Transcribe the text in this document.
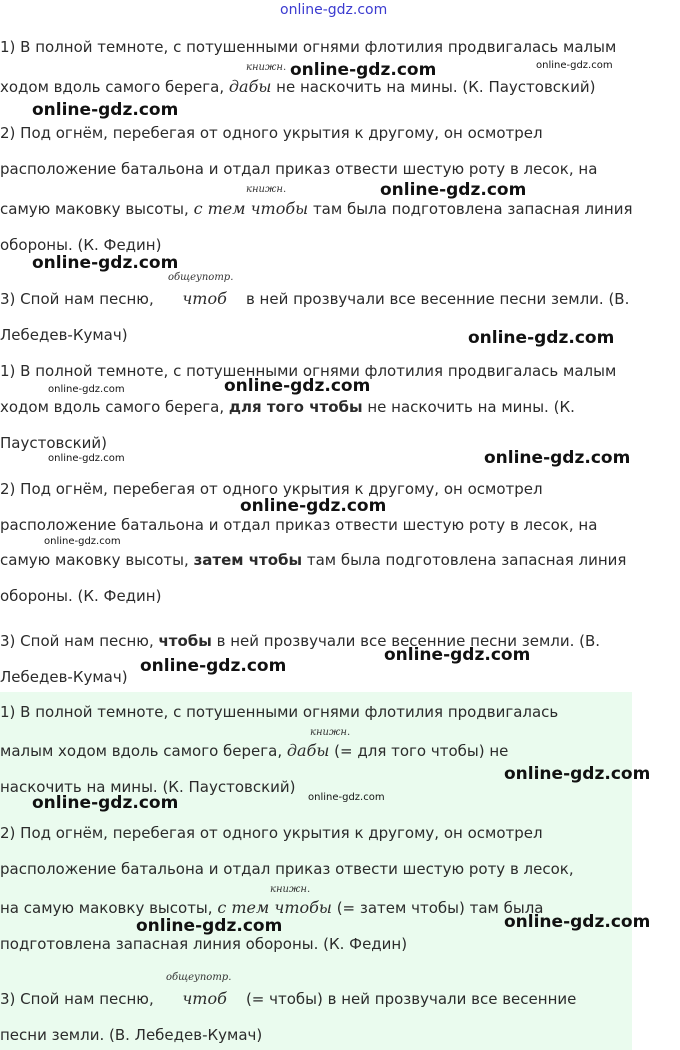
online-gdz.com
1) В полной темноте, с потушенными огнями флотилия продвигалась малым
книжн.
ходом вдоль самого берега, дабы не наскочить на мины. (К. Паустовский)
2) Под огнём, перебегая от одного укрытия к другому, он осмотрел
расположение батальона и отдал приказ отвести шестую роту в лесок, на
книжн.
самую маковку высоты, с тем чтобы там была подготовлена запасная линия
обороны. (К. Федин)
общеупотр.
3) Спой нам песню, чтоб в ней прозвучали все весенние песни земли. (В.
Лебедев-Кумач)
1) В полной темноте, с потушенными огнями флотилия продвигалась малым
ходом вдоль самого берега, для того чтобы не наскочить на мины. (К.
Паустовский)
2) Под огнём, перебегая от одного укрытия к другому, он осмотрел
расположение батальона и отдал приказ отвести шестую роту в лесок, на
самую маковку высоты, затем чтобы там была подготовлена запасная линия
обороны. (К. Федин)
3) Спой нам песню, чтобы в ней прозвучали все весенние песни земли. (В.
Лебедев-Кумач)
1) В полной темноте, с потушенными огнями флотилия продвигалась
книжн.
малым ходом вдоль самого берега, дабы (= для того чтобы) не
наскочить на мины. (К. Паустовский)
2) Под огнём, перебегая от одного укрытия к другому, он осмотрел
расположение батальона и отдал приказ отвести шестую роту в лесок,
книжн.
на самую маковку высоты, с тем чтобы (= затем чтобы) там была
подготовлена запасная линия обороны. (К. Федин)
общеупотр.
3) Спой нам песню, чтоб (= чтобы) в ней прозвучали все весенние
песни земли. (В. Лебедев-Кумач)
online-gdz.com	online-gdz.com
online-gdz.com
online-gdz.com
online-gdz.com
online-gdz.com
online-gdz.com
online-gdz.com
online-gdz.com	online-gdz.com
online-gdz.com
online-gdz.com
online-gdz.com
online-gdz.com
online-gdz.com
online-gdz.com	online-gdz.com
online-gdz.com
online-gdz.com
